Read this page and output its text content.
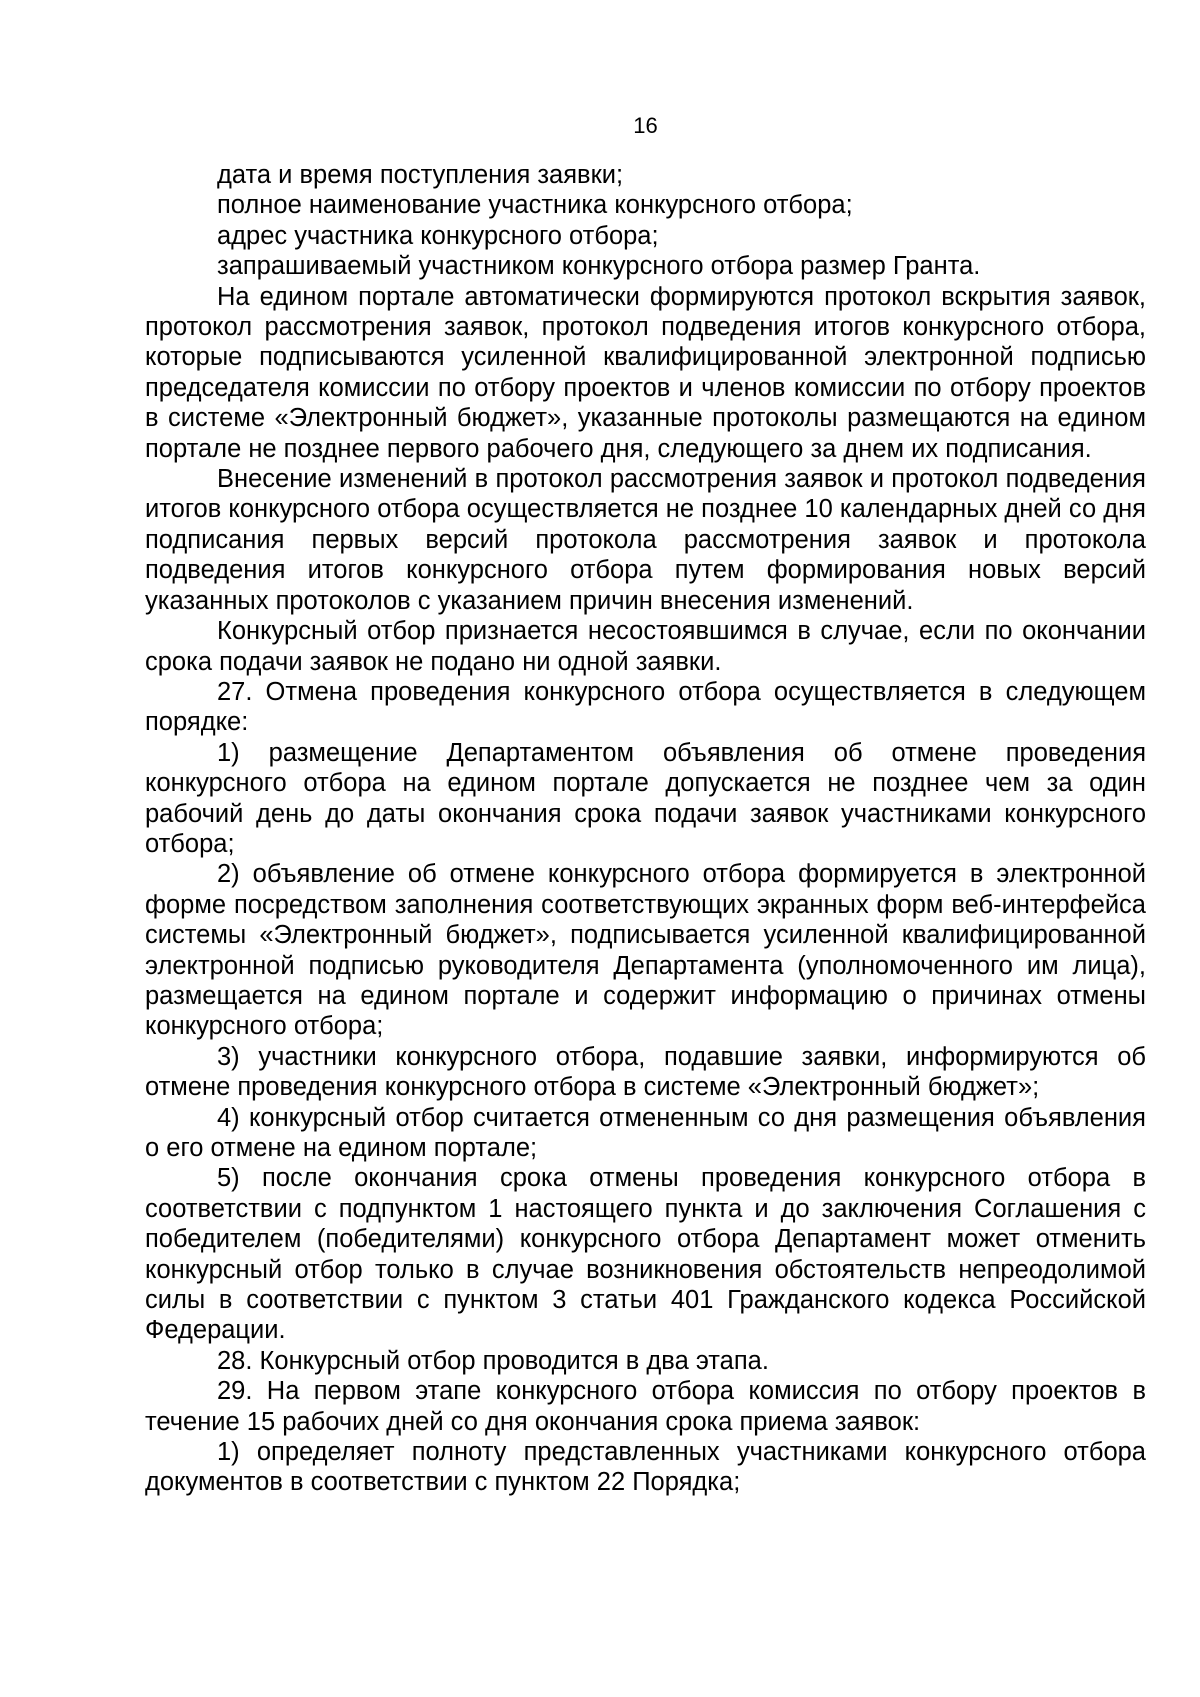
16

дата и время поступления заявки;

полное наименование участника конкурсного отбора;

адрес участника конкурсного отбора;

запрашиваемый участником конкурсного отбора размер Гранта.

На едином портале автоматически формируются протокол вскрытия заявок, протокол рассмотрения заявок, протокол подведения итогов конкурсного отбора, которые подписываются усиленной квалифицированной электронной подписью председателя комиссии по отбору проектов и членов комиссии по отбору проектов в системе «Электронный бюджет», указанные протоколы размещаются на едином портале не позднее первого рабочего дня, следующего за днем их подписания.

Внесение изменений в протокол рассмотрения заявок и протокол подведения итогов конкурсного отбора осуществляется не позднее 10 календарных дней со дня подписания первых версий протокола рассмотрения заявок и протокола подведения итогов конкурсного отбора путем формирования новых версий указанных протоколов с указанием причин внесения изменений.

Конкурсный отбор признается несостоявшимся в случае, если по окончании срока подачи заявок не подано ни одной заявки.

27. Отмена проведения конкурсного отбора осуществляется в следующем порядке:

1) размещение Департаментом объявления об отмене проведения конкурсного отбора на едином портале допускается не позднее чем за один рабочий день до даты окончания срока подачи заявок участниками конкурсного отбора;

2) объявление об отмене конкурсного отбора формируется в электронной форме посредством заполнения соответствующих экранных форм веб-интерфейса системы «Электронный бюджет», подписывается усиленной квалифицированной электронной подписью руководителя Департамента (уполномоченного им лица), размещается на едином портале и содержит информацию о причинах отмены конкурсного отбора;

3) участники конкурсного отбора, подавшие заявки, информируются об отмене проведения конкурсного отбора в системе «Электронный бюджет»;

4) конкурсный отбор считается отмененным со дня размещения объявления о его отмене на едином портале;

5) после окончания срока отмены проведения конкурсного отбора в соответствии с подпунктом 1 настоящего пункта и до заключения Соглашения с победителем (победителями) конкурсного отбора Департамент может отменить конкурсный отбор только в случае возникновения обстоятельств непреодолимой силы в соответствии с пунктом 3 статьи 401 Гражданского кодекса Российской Федерации.

28. Конкурсный отбор проводится в два этапа.

29. На первом этапе конкурсного отбора комиссия по отбору проектов в течение 15 рабочих дней со дня окончания срока приема заявок:

1) определяет полноту представленных участниками конкурсного отбора документов в соответствии с пунктом 22 Порядка;
